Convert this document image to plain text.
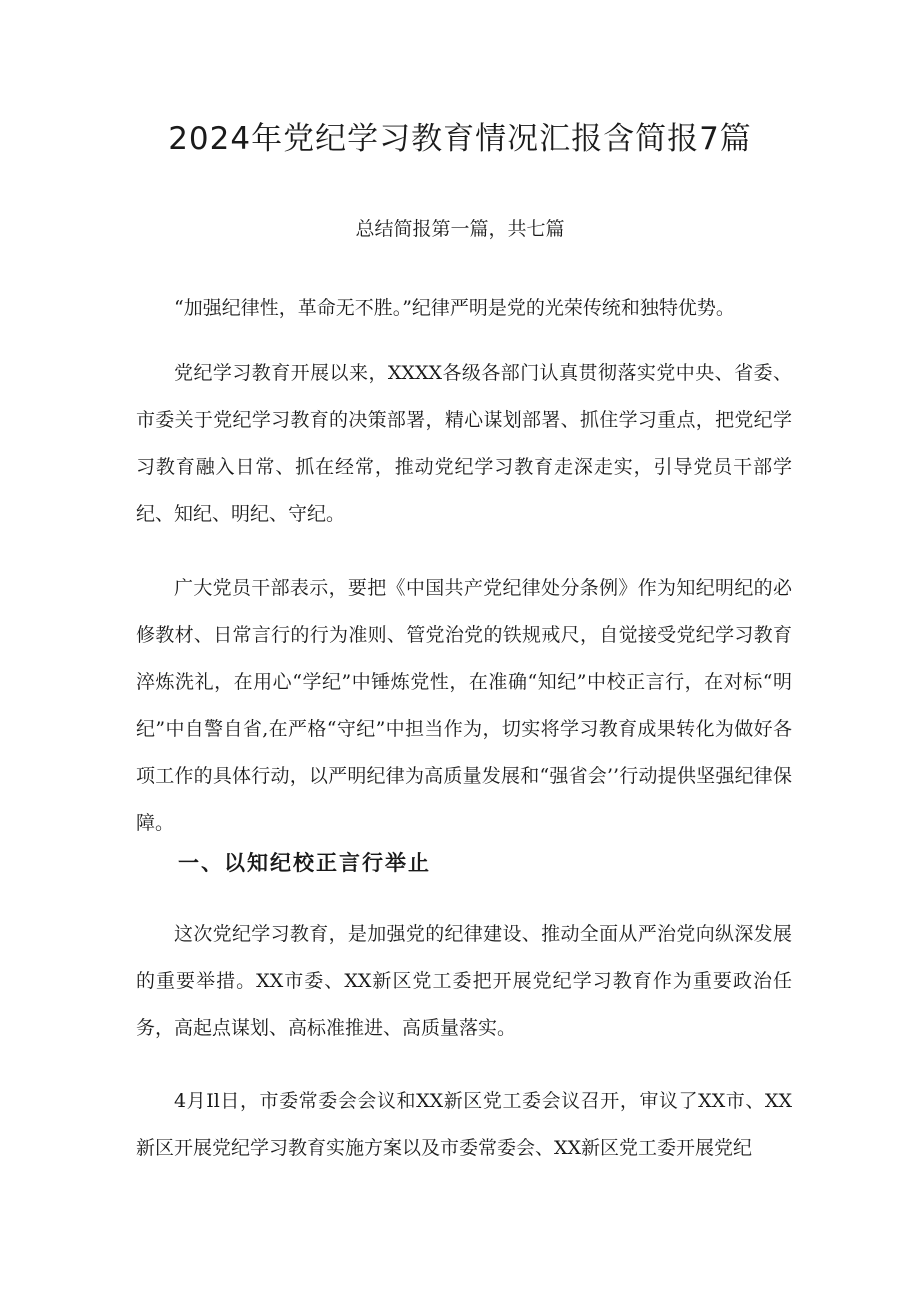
2024年党纪学习教育情况汇报含简报7篇

总结简报第一篇，共七篇

“加强纪律性，革命无不胜。”纪律严明是党的光荣传统和独特优势。

党纪学习教育开展以来，XXXX各级各部门认真贯彻落实党中央、省委、市委关于党纪学习教育的决策部署，精心谋划部署、抓住学习重点，把党纪学习教育融入日常、抓在经常，推动党纪学习教育走深走实，引导党员干部学纪、知纪、明纪、守纪。

广大党员干部表示，要把《中国共产党纪律处分条例》作为知纪明纪的必修教材、日常言行的行为准则、管党治党的铁规戒尺，自觉接受党纪学习教育淬炼洗礼，在用心“学纪”中锤炼党性，在准确“知纪”中校正言行，在对标“明纪”中自警自省,在严格“守纪”中担当作为，切实将学习教育成果转化为做好各项工作的具体行动，以严明纪律为高质量发展和“强省会’’行动提供坚强纪律保障。

一、以知纪校正言行举止

这次党纪学习教育，是加强党的纪律建设、推动全面从严治党向纵深发展的重要举措。XX市委、XX新区党工委把开展党纪学习教育作为重要政治任务，高起点谋划、高标准推进、高质量落实。

4月Il日，市委常委会会议和XX新区党工委会议召开，审议了XX市、XX新区开展党纪学习教育实施方案以及市委常委会、XX新区党工委开展党纪
